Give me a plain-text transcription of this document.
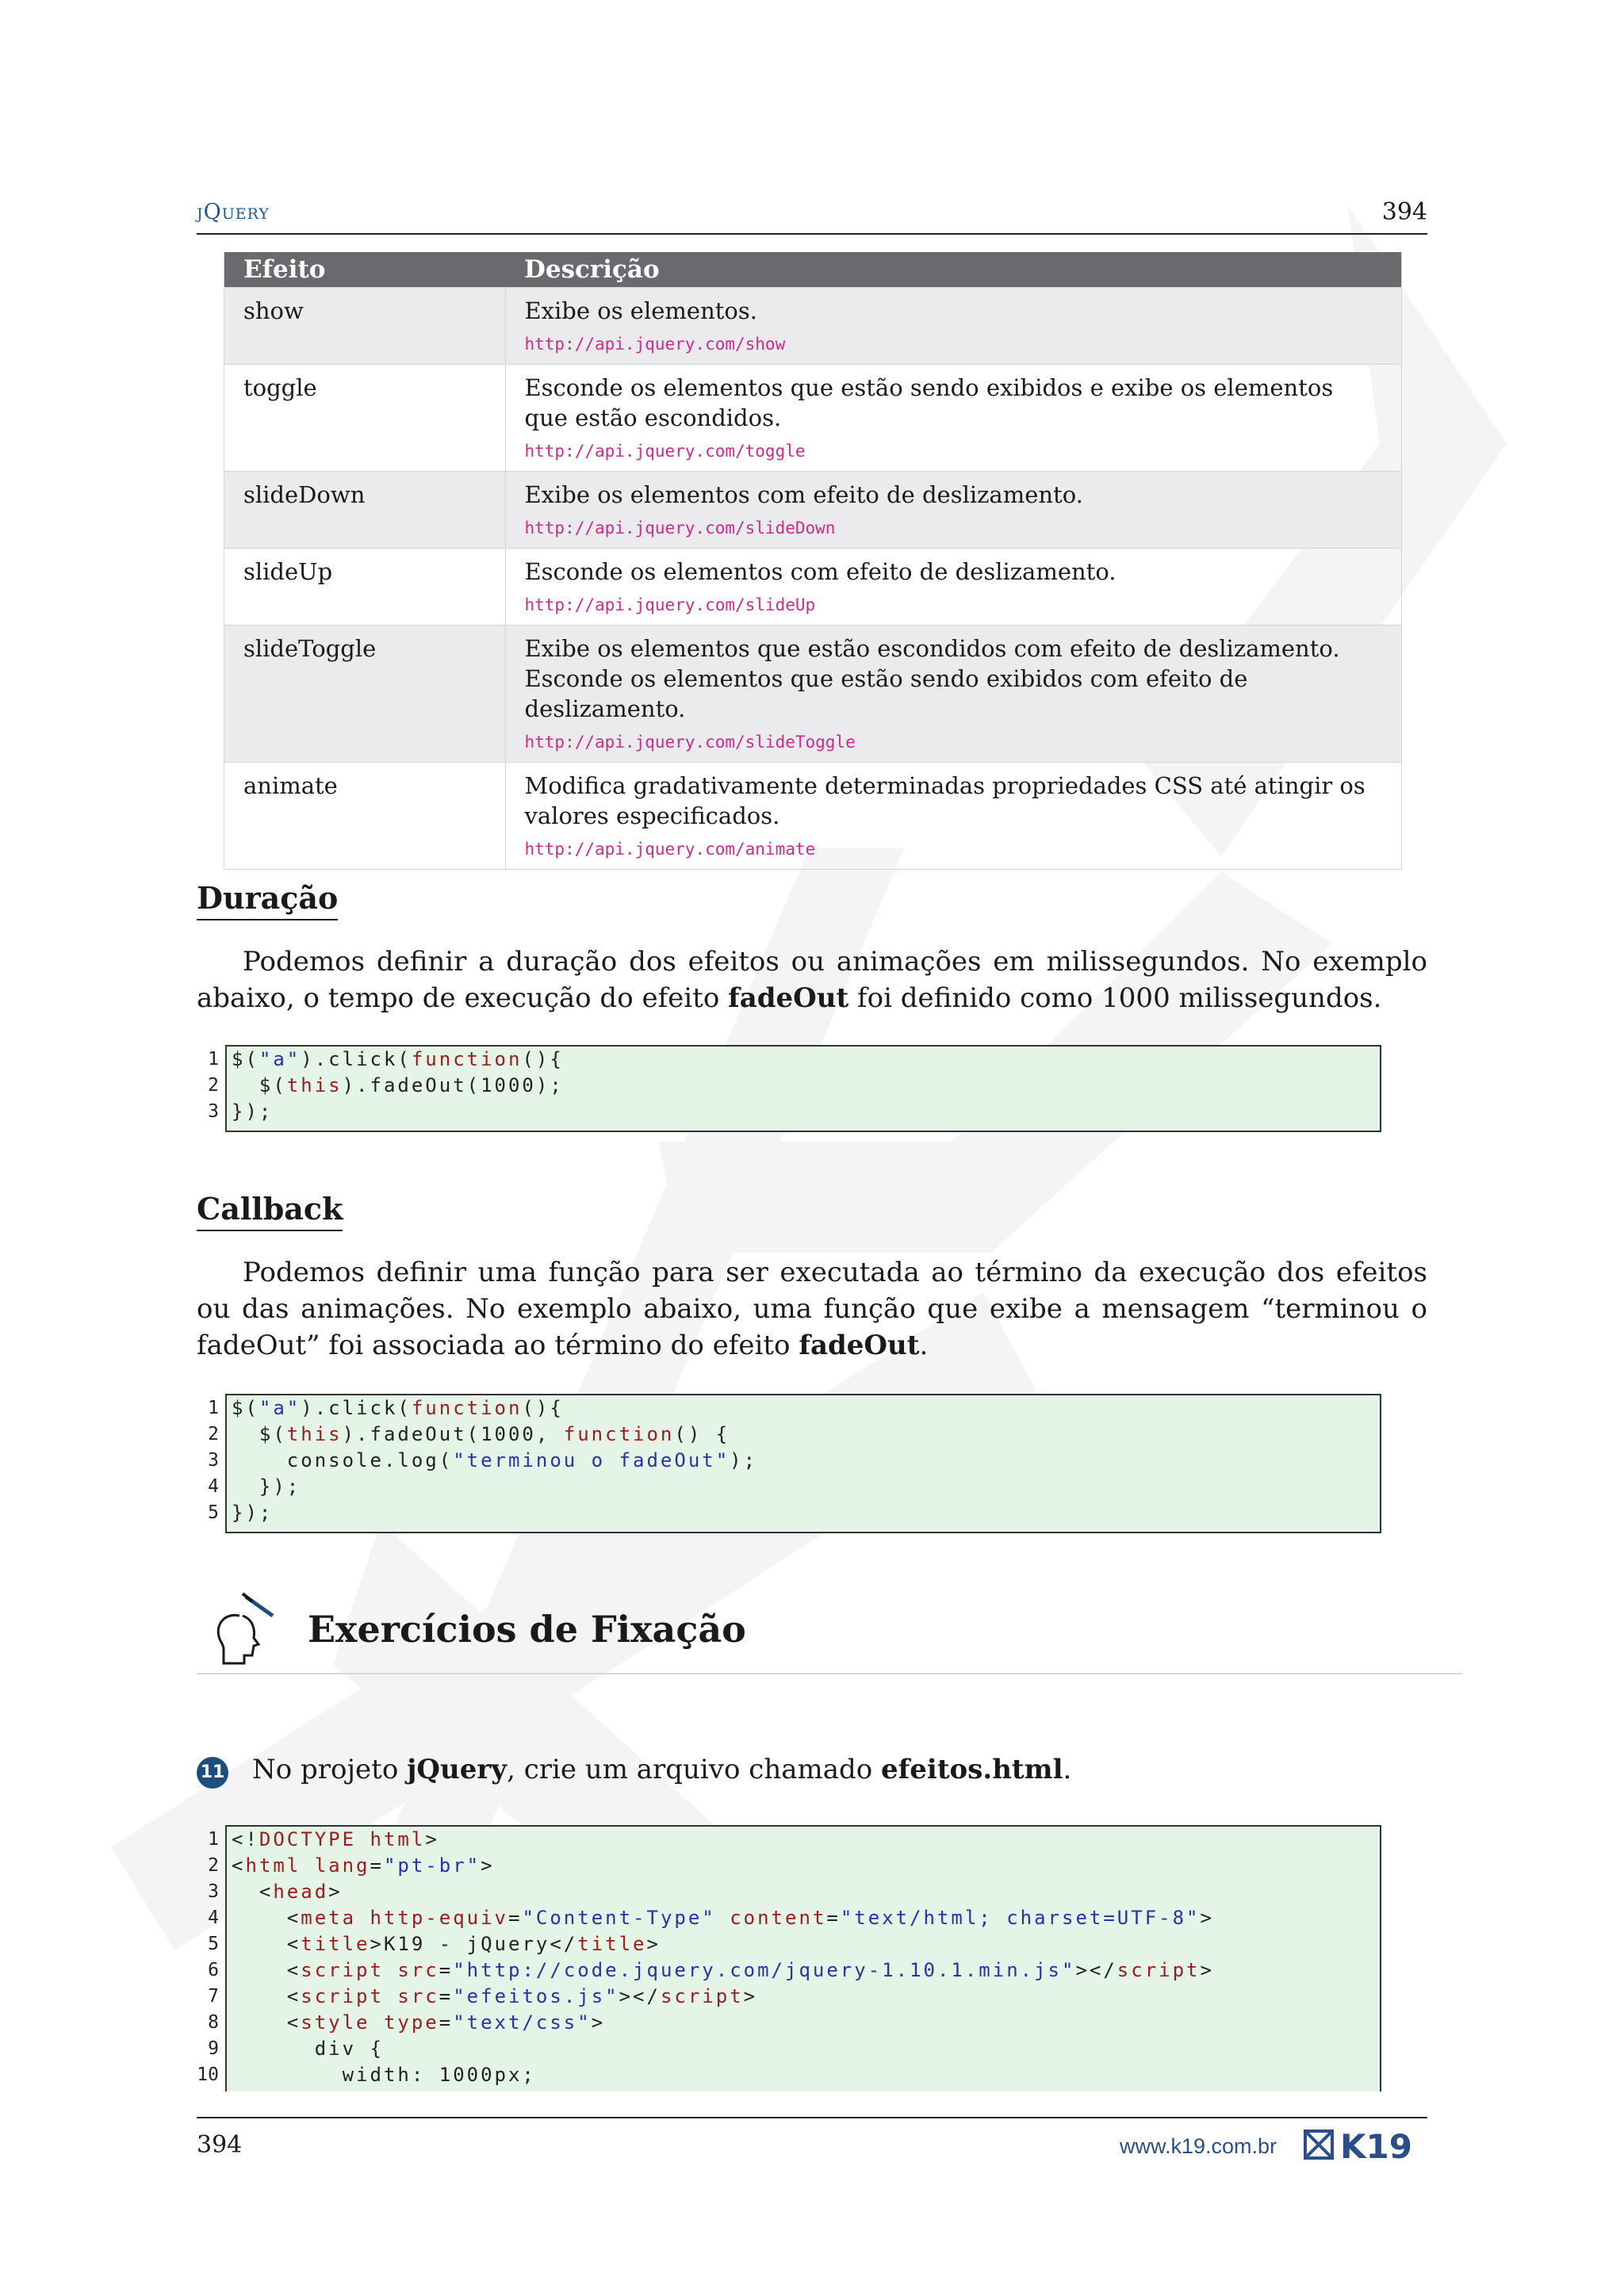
jQuery	394
Efeito	Descrição
show	Exibe os elementos.
http://api.jquery.com/show

toggle	Esconde os elementos que estão sendo exibidos e exibe os elementos que estão escondidos.
http://api.jquery.com/toggle

slideDown	Exibe os elementos com efeito de deslizamento.
http://api.jquery.com/slideDown

slideUp	Esconde os elementos com efeito de deslizamento.
http://api.jquery.com/slideUp

slideToggle	Exibe os elementos que estão escondidos com efeito de deslizamento. Esconde os elementos que estão sendo exibidos com efeito de deslizamento.
http://api.jquery.com/slideToggle

animate	Modifica gradativamente determinadas propriedades CSS até atingir os valores especificados.
http://api.jquery.com/animate
Duração
Podemos definir a duração dos efeitos ou animações em milissegundos. No exemplo abaixo, o tempo de execução do efeito fadeOut foi definido como 1000 milissegundos.
1 $("a").click(function(){
2 $(this).fadeOut(1000);
3 });
Callback
Podemos definir uma função para ser executada ao término da execução dos efeitos ou das animações. No exemplo abaixo, uma função que exibe a mensagem “terminou o fadeOut” foi associada ao término do efeito fadeOut.
1 $("a").click(function(){
2 $(this).fadeOut(1000, function() {
3 console.log("terminou o fadeOut");
4 });
5 });
Exercícios de Fixação
11 No projeto jQuery, crie um arquivo chamado efeitos.html.
1 <!DOCTYPE html>
2 <html lang="pt-br">
3 <head>
4 <meta http-equiv="Content-Type" content="text/html; charset=UTF-8">
5 <title>K19 - jQuery</title>
6 <script src="http://code.jquery.com/jquery-1.10.1.min.js"></script>
7 <script src="efeitos.js"></script>
8 <style type="text/css">
9 div {
10 width: 1000px;
394	www.k19.com.br K19
